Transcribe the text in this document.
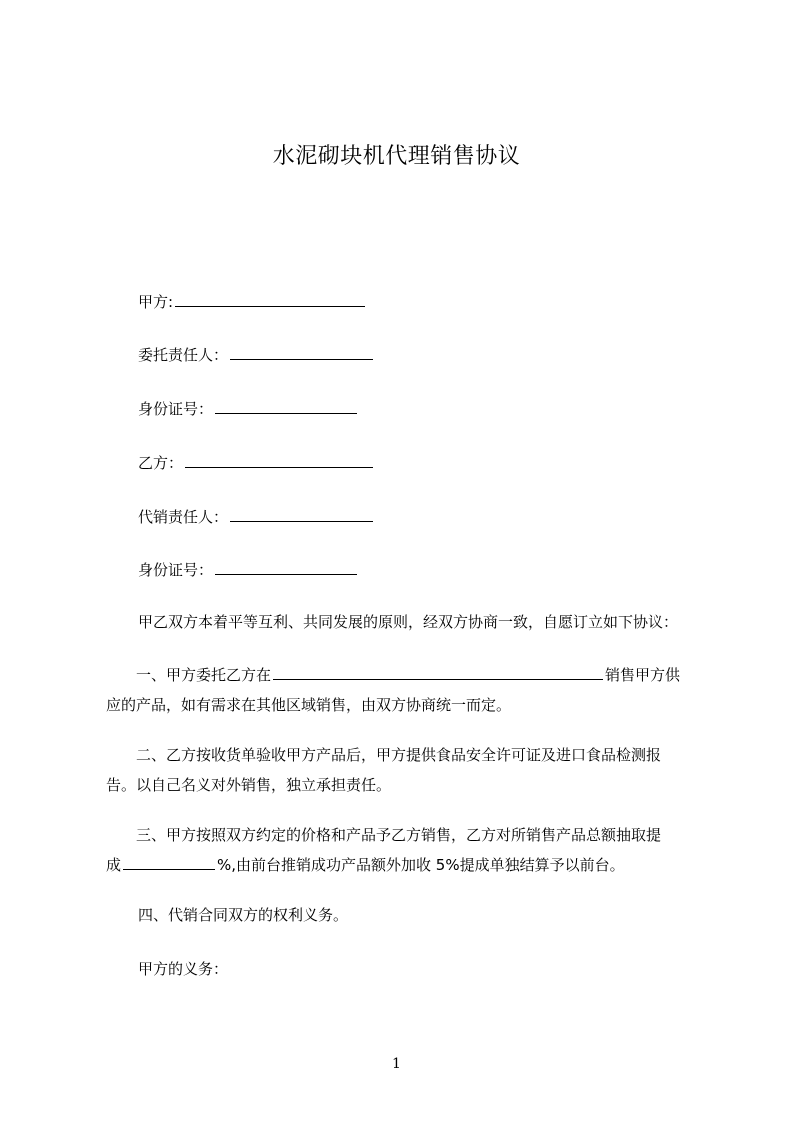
水泥砌块机代理销售协议
甲方:
委托责任人：
身份证号：
乙方：
代销责任人：
身份证号：
甲乙双方本着平等互利、共同发展的原则，经双方协商一致，自愿订立如下协议：
一、甲方委托乙方在	销售甲方供
应的产品，如有需求在其他区域销售，由双方协商统一而定。
二、乙方按收货单验收甲方产品后，甲方提供食品安全许可证及进口食品检测报
告。以自己名义对外销售，独立承担责任。
三、甲方按照双方约定的价格和产品予乙方销售，乙方对所销售产品总额抽取提
成	%,由前台推销成功产品额外加收 5%提成单独结算予以前台。
四、代销合同双方的权利义务。
甲方的义务：
1
